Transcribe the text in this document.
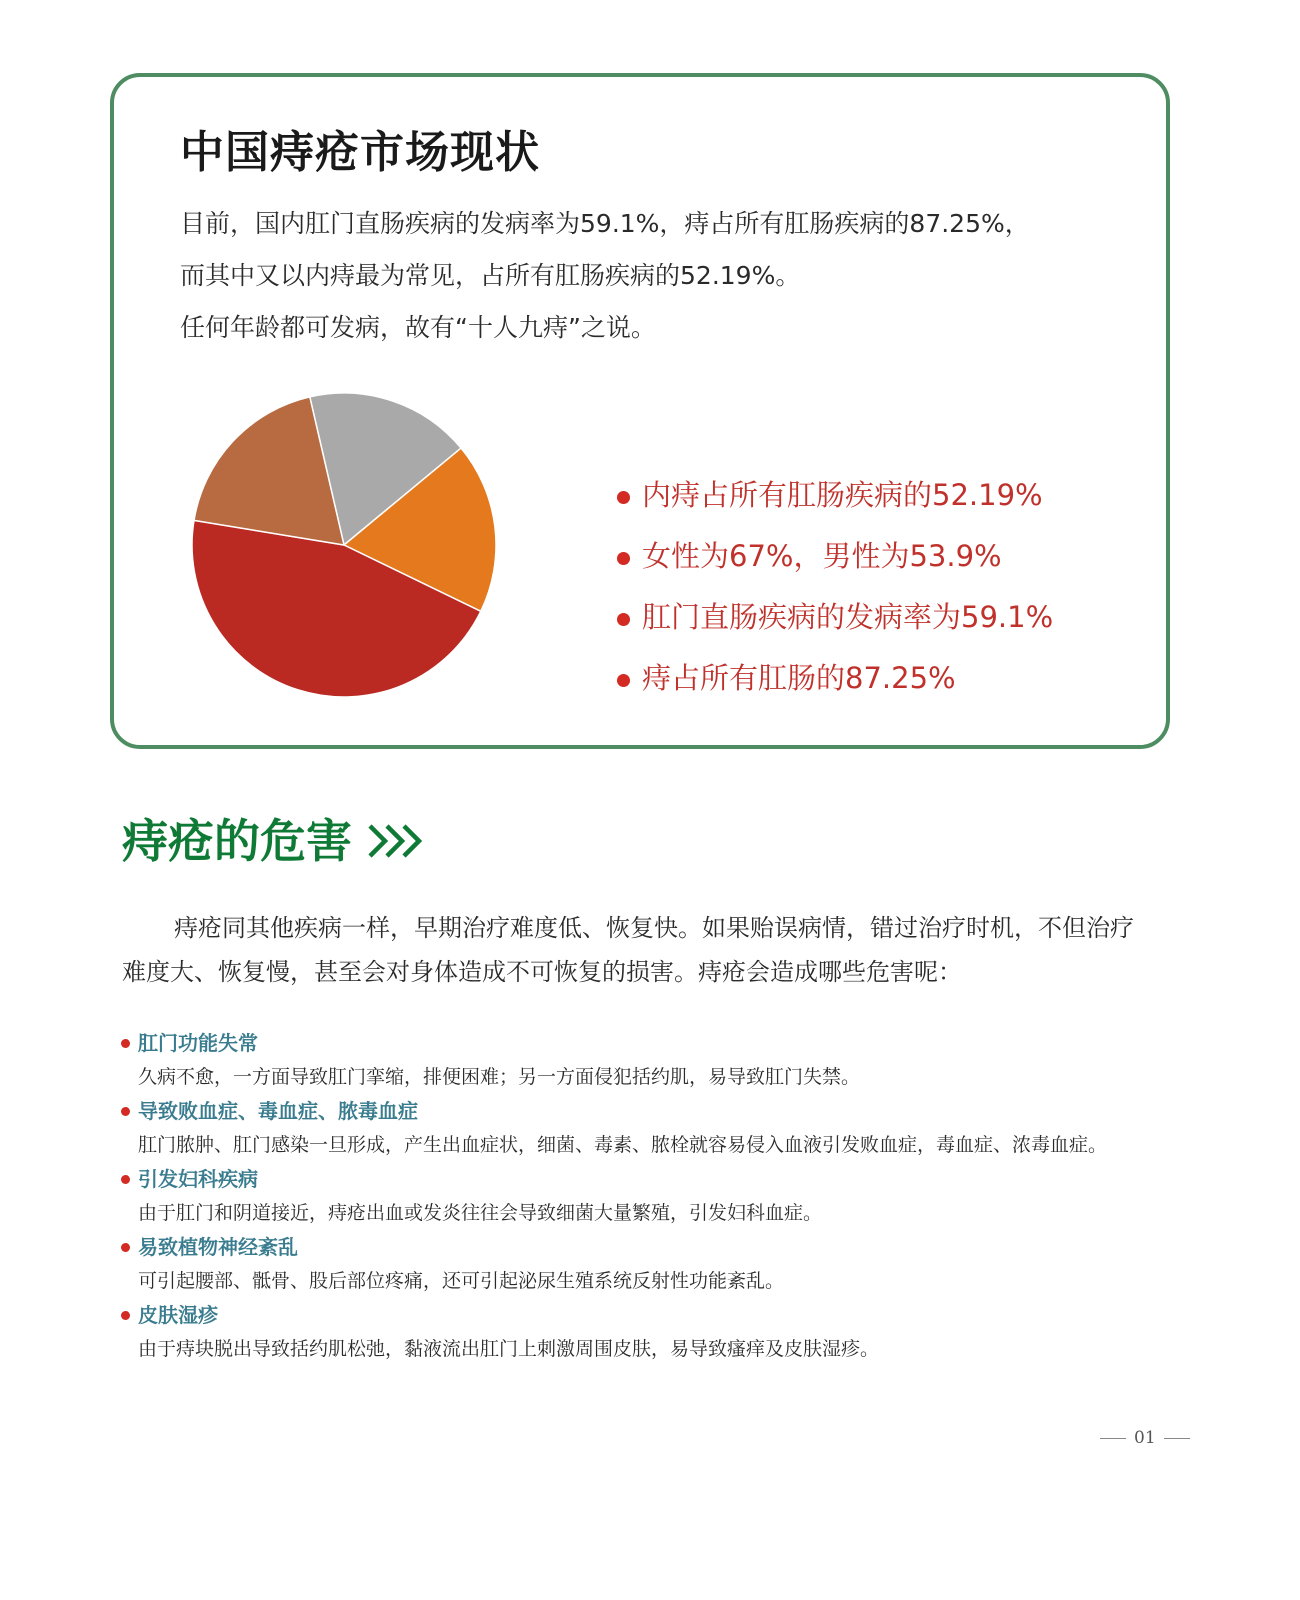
中国痔疮市场现状

目前，国内肛门直肠疾病的发病率为59.1%，痔占所有肛肠疾病的87.25%，

而其中又以内痔最为常见，占所有肛肠疾病的52.19%。

任何年龄都可发病，故有“十人九痔”之说。

内痔占所有肛肠疾病的52.19%
女性为67%，男性为53.9%
肛门直肠疾病的发病率为59.1%
痔占所有肛肠的87.25%
痔疮的危害

痔疮同其他疾病一样，早期治疗难度低、恢复快。如果贻误病情，错过治疗时机，不但治疗难度大、恢复慢，甚至会对身体造成不可恢复的损害。痔疮会造成哪些危害呢：

肛门功能失常

久病不愈，一方面导致肛门挛缩，排便困难；另一方面侵犯括约肌，易导致肛门失禁。

导致败血症、毒血症、脓毒血症

肛门脓肿、肛门感染一旦形成，产生出血症状，细菌、毒素、脓栓就容易侵入血液引发败血症，毒血症、浓毒血症。

引发妇科疾病

由于肛门和阴道接近，痔疮出血或发炎往往会导致细菌大量繁殖，引发妇科血症。

易致植物神经紊乱

可引起腰部、骶骨、股后部位疼痛，还可引起泌尿生殖系统反射性功能紊乱。

皮肤湿疹

由于痔块脱出导致括约肌松弛，黏液流出肛门上刺激周围皮肤，易导致瘙痒及皮肤湿疹。

01
